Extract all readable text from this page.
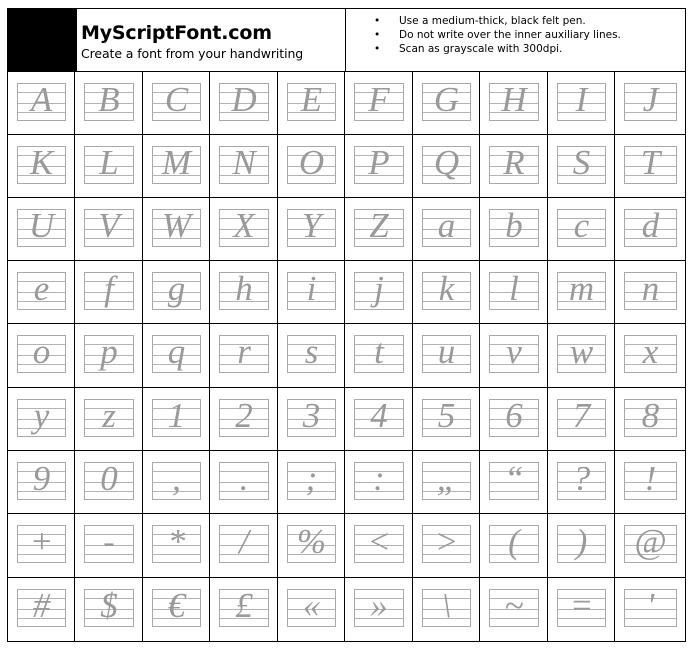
MyScriptFont.com
Create a font from your handwriting
• Use a medium-thick, black felt pen.
• Do not write over the inner auxiliary lines.
• Scan as grayscale with 300dpi.
A	B	C	D	E	F	G	H	I	J
K	L	M	N	O	P	Q	R	S	T
U	V	W	X	Y	Z	a	b	c	d
e	f	g	h	i	j	k	l	m	n
o	p	q	r	s	t	u	v	w	x
y	z	1	2	3	4	5	6	7	8
9	0	,	.	;	:	„	“	?	!
+	-	*	/	%	<	>	(	)	@
#	$	€	£	«	»	\	~	=	'
